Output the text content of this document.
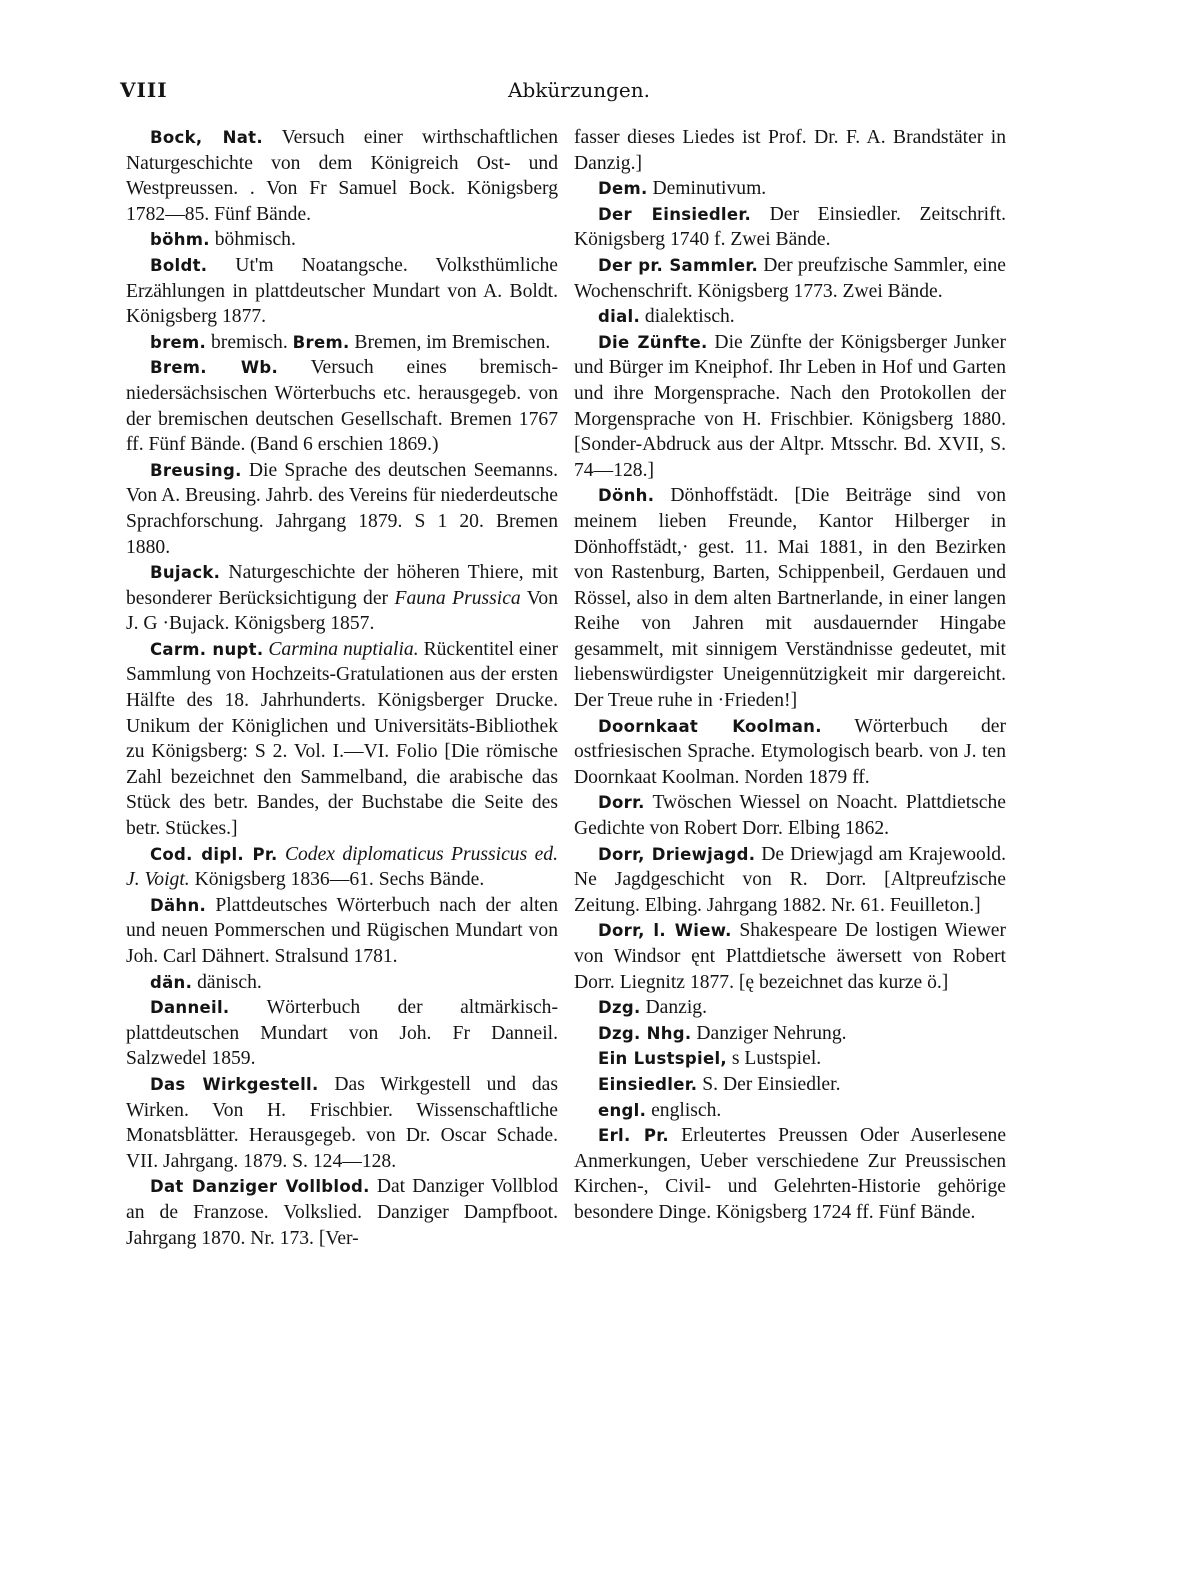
VIII	Abkürzungen.

Bock, Nat. Versuch einer wirthschaftlichen Naturgeschichte von dem Königreich Ost- und Westpreussen. . Von Fr Samuel Bock. Königsberg 1782—85. Fünf Bände.

böhm. böhmisch.

Boldt. Ut'm Noatangsche. Volksthümliche Erzählungen in plattdeutscher Mundart von A. Boldt. Königsberg 1877.

brem. bremisch. Brem. Bremen, im Bremischen.

Brem. Wb. Versuch eines bremisch-niedersächsischen Wörterbuchs etc. herausgegeb. von der bremischen deutschen Gesellschaft. Bremen 1767 ff. Fünf Bände. (Band 6 erschien 1869.)

Breusing. Die Sprache des deutschen Seemanns. Von A. Breusing. Jahrb. des Vereins für niederdeutsche Sprachforschung. Jahrgang 1879. S 1 20. Bremen 1880.

Bujack. Naturgeschichte der höheren Thiere, mit besonderer Berücksichtigung der Fauna Prussica Von J. G ·Bujack. Königsberg 1857.

Carm. nupt. Carmina nuptialia. Rückentitel einer Sammlung von Hochzeits-Gratulationen aus der ersten Hälfte des 18. Jahrhunderts. Königsberger Drucke. Unikum der Königlichen und Universitäts-Bibliothek zu Königsberg: S 2. Vol. I.—VI. Folio [Die römische Zahl bezeichnet den Sammelband, die arabische das Stück des betr. Bandes, der Buchstabe die Seite des betr. Stückes.]

Cod. dipl. Pr. Codex diplomaticus Prussicus ed. J. Voigt. Königsberg 1836—61. Sechs Bände.

Dähn. Plattdeutsches Wörterbuch nach der alten und neuen Pommerschen und Rügischen Mundart von Joh. Carl Dähnert. Stralsund 1781.

dän. dänisch.

Danneil. Wörterbuch der altmärkisch-plattdeutschen Mundart von Joh. Fr Danneil. Salzwedel 1859.

Das Wirkgestell. Das Wirkgestell und das Wirken. Von H. Frischbier. Wissenschaftliche Monatsblätter. Herausgegeb. von Dr. Oscar Schade. VII. Jahrgang. 1879. S. 124—128.

Dat Danziger Vollblod. Dat Danziger Vollblod an de Franzose. Volkslied. Danziger Dampfboot. Jahrgang 1870. Nr. 173. [Ver-

fasser dieses Liedes ist Prof. Dr. F. A. Brandstäter in Danzig.]

Dem. Deminutivum.

Der Einsiedler. Der Einsiedler. Zeitschrift. Königsberg 1740 f. Zwei Bände.

Der pr. Sammler. Der preufzische Sammler, eine Wochenschrift. Königsberg 1773. Zwei Bände.

dial. dialektisch.

Die Zünfte. Die Zünfte der Königsberger Junker und Bürger im Kneiphof. Ihr Leben in Hof und Garten und ihre Morgensprache. Nach den Protokollen der Morgensprache von H. Frischbier. Königsberg 1880. [Sonder-Abdruck aus der Altpr. Mtsschr. Bd. XVII, S. 74—128.]

Dönh. Dönhoffstädt. [Die Beiträge sind von meinem lieben Freunde, Kantor Hilberger in Dönhoffstädt,· gest. 11. Mai 1881, in den Bezirken von Rastenburg, Barten, Schippenbeil, Gerdauen und Rössel, also in dem alten Bartnerlande, in einer langen Reihe von Jahren mit ausdauernder Hingabe gesammelt, mit sinnigem Verständnisse gedeutet, mit liebenswürdigster Uneigennützigkeit mir dargereicht. Der Treue ruhe in ·Frieden!]

Doornkaat Koolman. Wörterbuch der ostfriesischen Sprache. Etymologisch bearb. von J. ten Doornkaat Koolman. Norden 1879 ff.

Dorr. Twöschen Wiessel on Noacht. Plattdietsche Gedichte von Robert Dorr. Elbing 1862.

Dorr, Driewjagd. De Driewjagd am Krajewoold. Ne Jagdgeschicht von R. Dorr. [Altpreufzische Zeitung. Elbing. Jahrgang 1882. Nr. 61. Feuilleton.]

Dorr, l. Wiew. Shakespeare De lostigen Wiewer von Windsor ęnt Plattdietsche äwersett von Robert Dorr. Liegnitz 1877. [ę bezeichnet das kurze ö.]

Dzg. Danzig.

Dzg. Nhg. Danziger Nehrung.

Ein Lustspiel, s Lustspiel.

Einsiedler. S. Der Einsiedler.

engl. englisch.

Erl. Pr. Erleutertes Preussen Oder Auserlesene Anmerkungen, Ueber verschiedene Zur Preussischen Kirchen-, Civil- und Gelehrten-Historie gehörige besondere Dinge. Königsberg 1724 ff. Fünf Bände.
